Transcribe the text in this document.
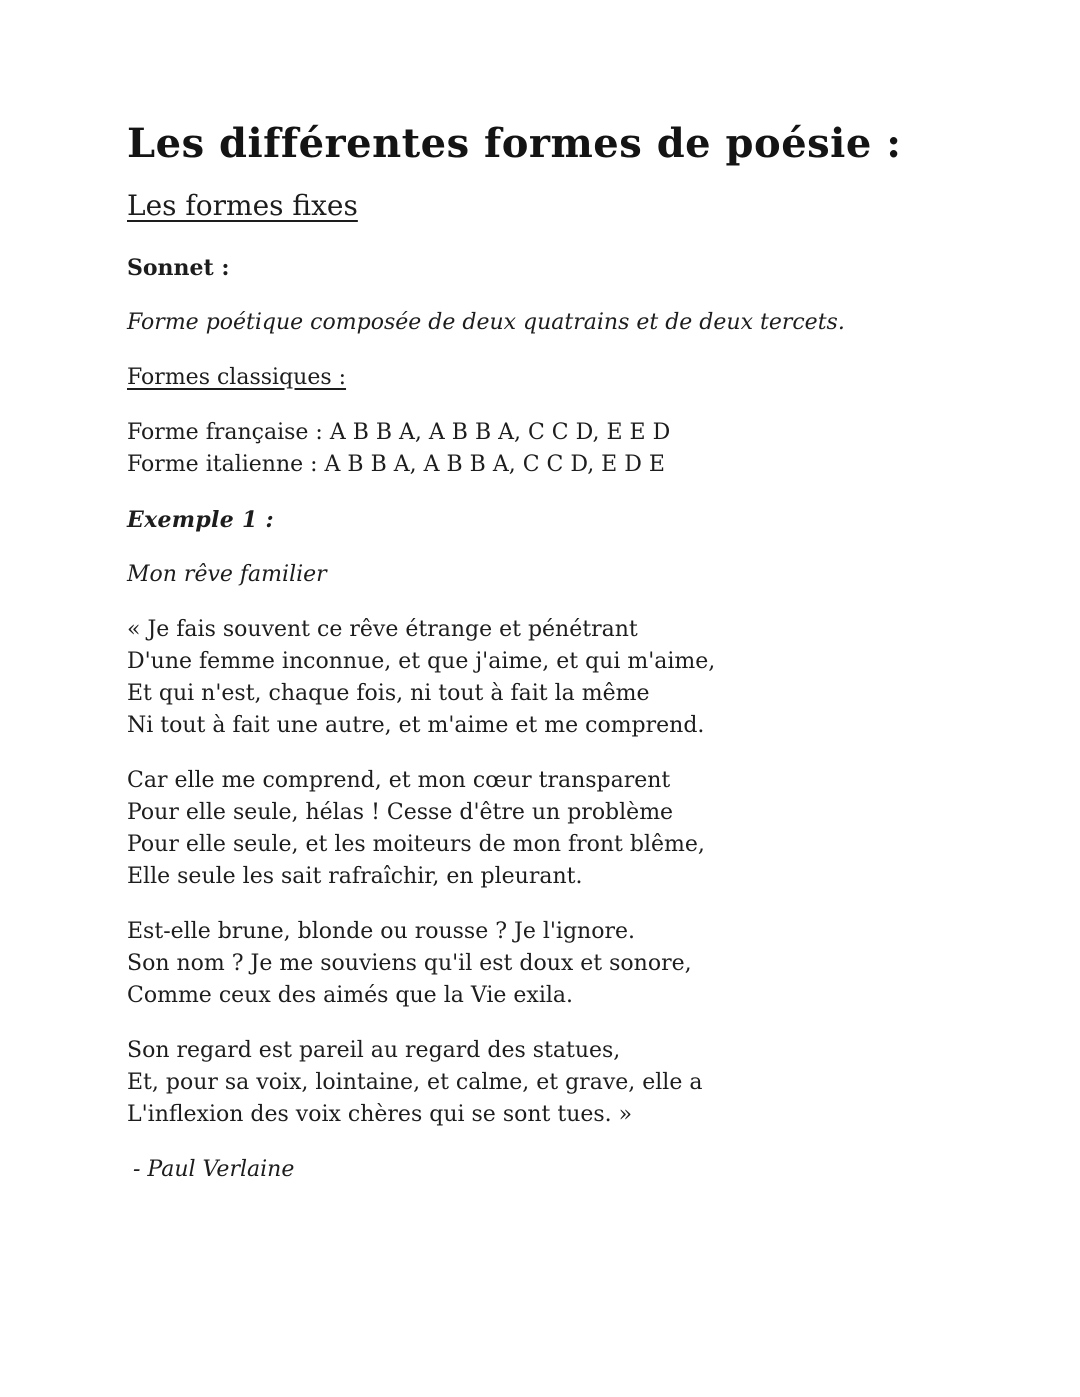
Les différentes formes de poésie :
Les formes fixes

Sonnet :

Forme poétique composée de deux quatrains et de deux tercets.

Formes classiques :

Forme française : A B B A, A B B A, C C D, E E D
Forme italienne : A B B A, A B B A, C C D, E D E

Exemple 1 :

Mon rêve familier

« Je fais souvent ce rêve étrange et pénétrant
D'une femme inconnue, et que j'aime, et qui m'aime,
Et qui n'est, chaque fois, ni tout à fait la même
Ni tout à fait une autre, et m'aime et me comprend.
Car elle me comprend, et mon cœur transparent
Pour elle seule, hélas ! Cesse d'être un problème
Pour elle seule, et les moiteurs de mon front blême,
Elle seule les sait rafraîchir, en pleurant.
Est-elle brune, blonde ou rousse ? Je l'ignore.
Son nom ? Je me souviens qu'il est doux et sonore,
Comme ceux des aimés que la Vie exila.
Son regard est pareil au regard des statues,
Et, pour sa voix, lointaine, et calme, et grave, elle a
L'inflexion des voix chères qui se sont tues. »

- Paul Verlaine
